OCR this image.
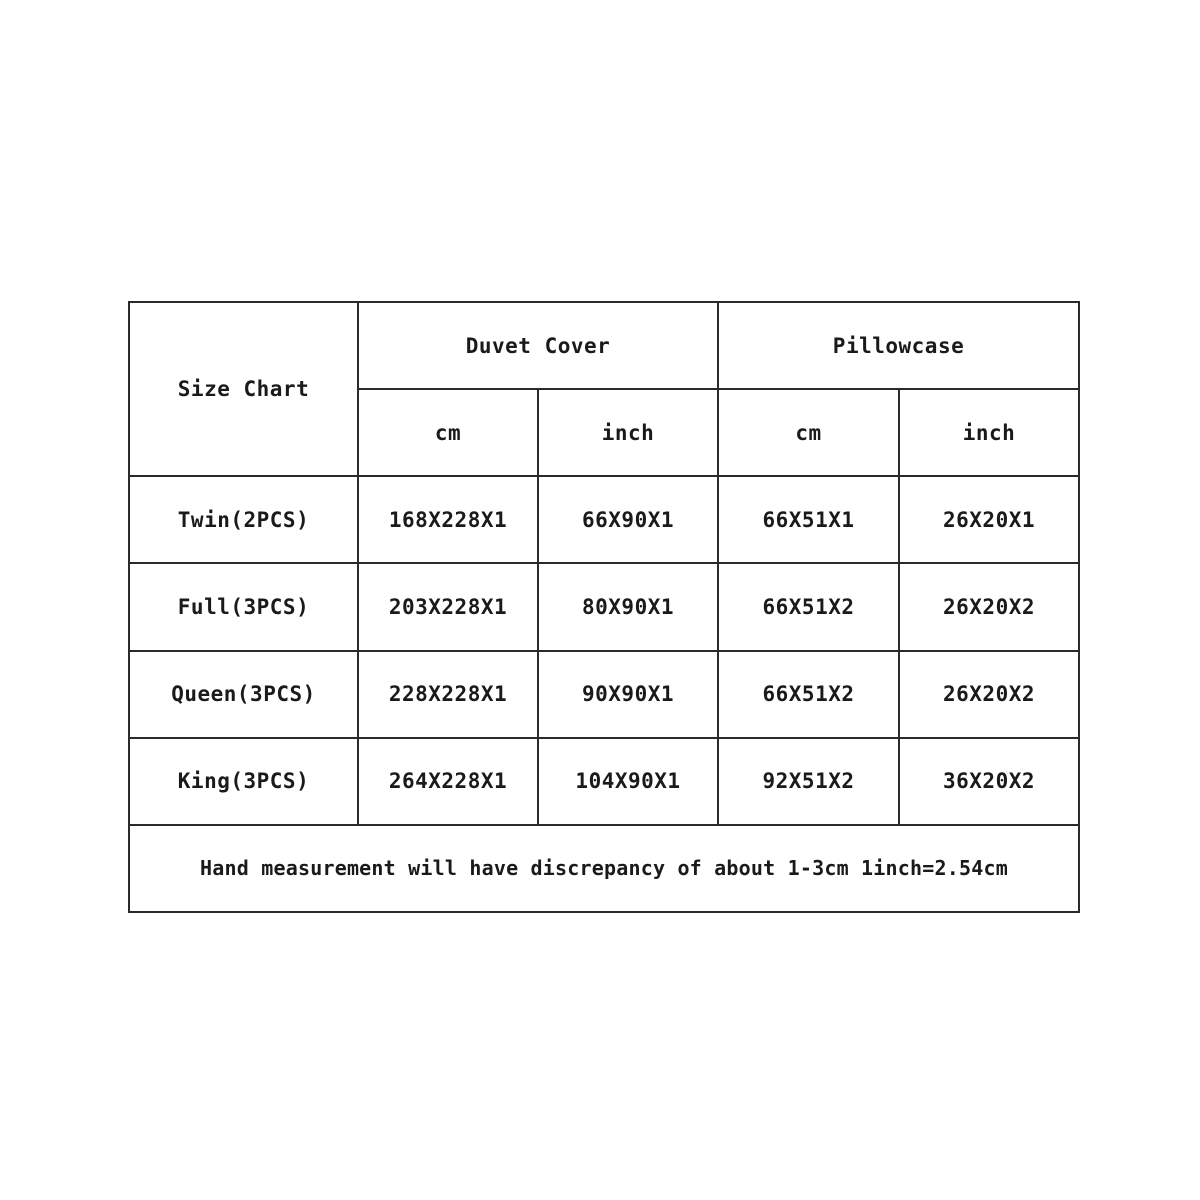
Size Chart	Duvet Cover		Pillowcase	
	cm	inch	cm	inch
Twin(2PCS)	168X228X1	66X90X1	66X51X1	26X20X1
Full(3PCS)	203X228X1	80X90X1	66X51X2	26X20X2
Queen(3PCS)	228X228X1	90X90X1	66X51X2	26X20X2
King(3PCS)	264X228X1	104X90X1	92X51X2	36X20X2
Hand measurement will have discrepancy of about 1-3cm 1inch=2.54cm				
